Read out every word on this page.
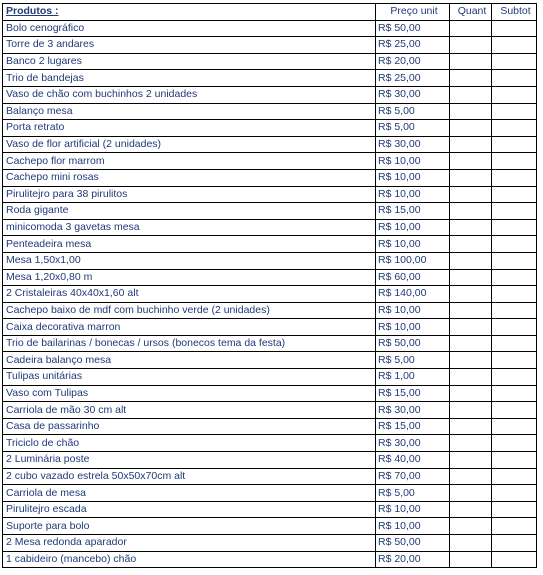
Produtos :	Preço unit	Quant	Subtot
Bolo cenográfico	R$ 50,00		
Torre de 3 andares	R$ 25,00		
Banco 2 lugares	R$ 20,00		
Trio de bandejas	R$ 25,00		
Vaso de chão com buchinhos 2 unidades	R$ 30,00		
Balanço mesa	R$ 5,00		
Porta retrato	R$ 5,00		
Vaso de flor artificial (2 unidades)	R$ 30,00		
Cachepo flor marrom	R$ 10,00		
Cachepo mini rosas	R$ 10,00		
Pirulitejro para 38 pirulitos	R$ 10,00		
Roda gigante	R$ 15,00		
minicomoda 3 gavetas mesa	R$ 10,00		
Penteadeira mesa	R$ 10,00		
Mesa 1,50x1,00	R$ 100,00		
Mesa 1,20x0,80 m	R$ 60,00		
2 Cristaleiras 40x40x1,60 alt	R$ 140,00		
Cachepo baixo de mdf com buchinho verde (2 unidades)	R$ 10,00		
Caixa decorativa marron	R$ 10,00		
Trio de bailarinas / bonecas / ursos (bonecos tema da festa)	R$ 50,00		
Cadeira balanço mesa	R$ 5,00		
Tulipas unitárias	R$ 1,00		
Vaso com Tulipas	R$ 15,00		
Carriola de mão 30 cm alt	R$ 30,00		
Casa de passarinho	R$ 15,00		
Triciclo de chão	R$ 30,00		
2 Luminária poste	R$ 40,00		
2 cubo vazado estrela 50x50x70cm alt	R$ 70,00		
Carriola de mesa	R$ 5,00		
Pirulitejro escada	R$ 10,00		
Suporte para bolo	R$ 10,00		
2 Mesa redonda aparador	R$ 50,00		
1 cabideiro (mancebo) chão	R$ 20,00		
